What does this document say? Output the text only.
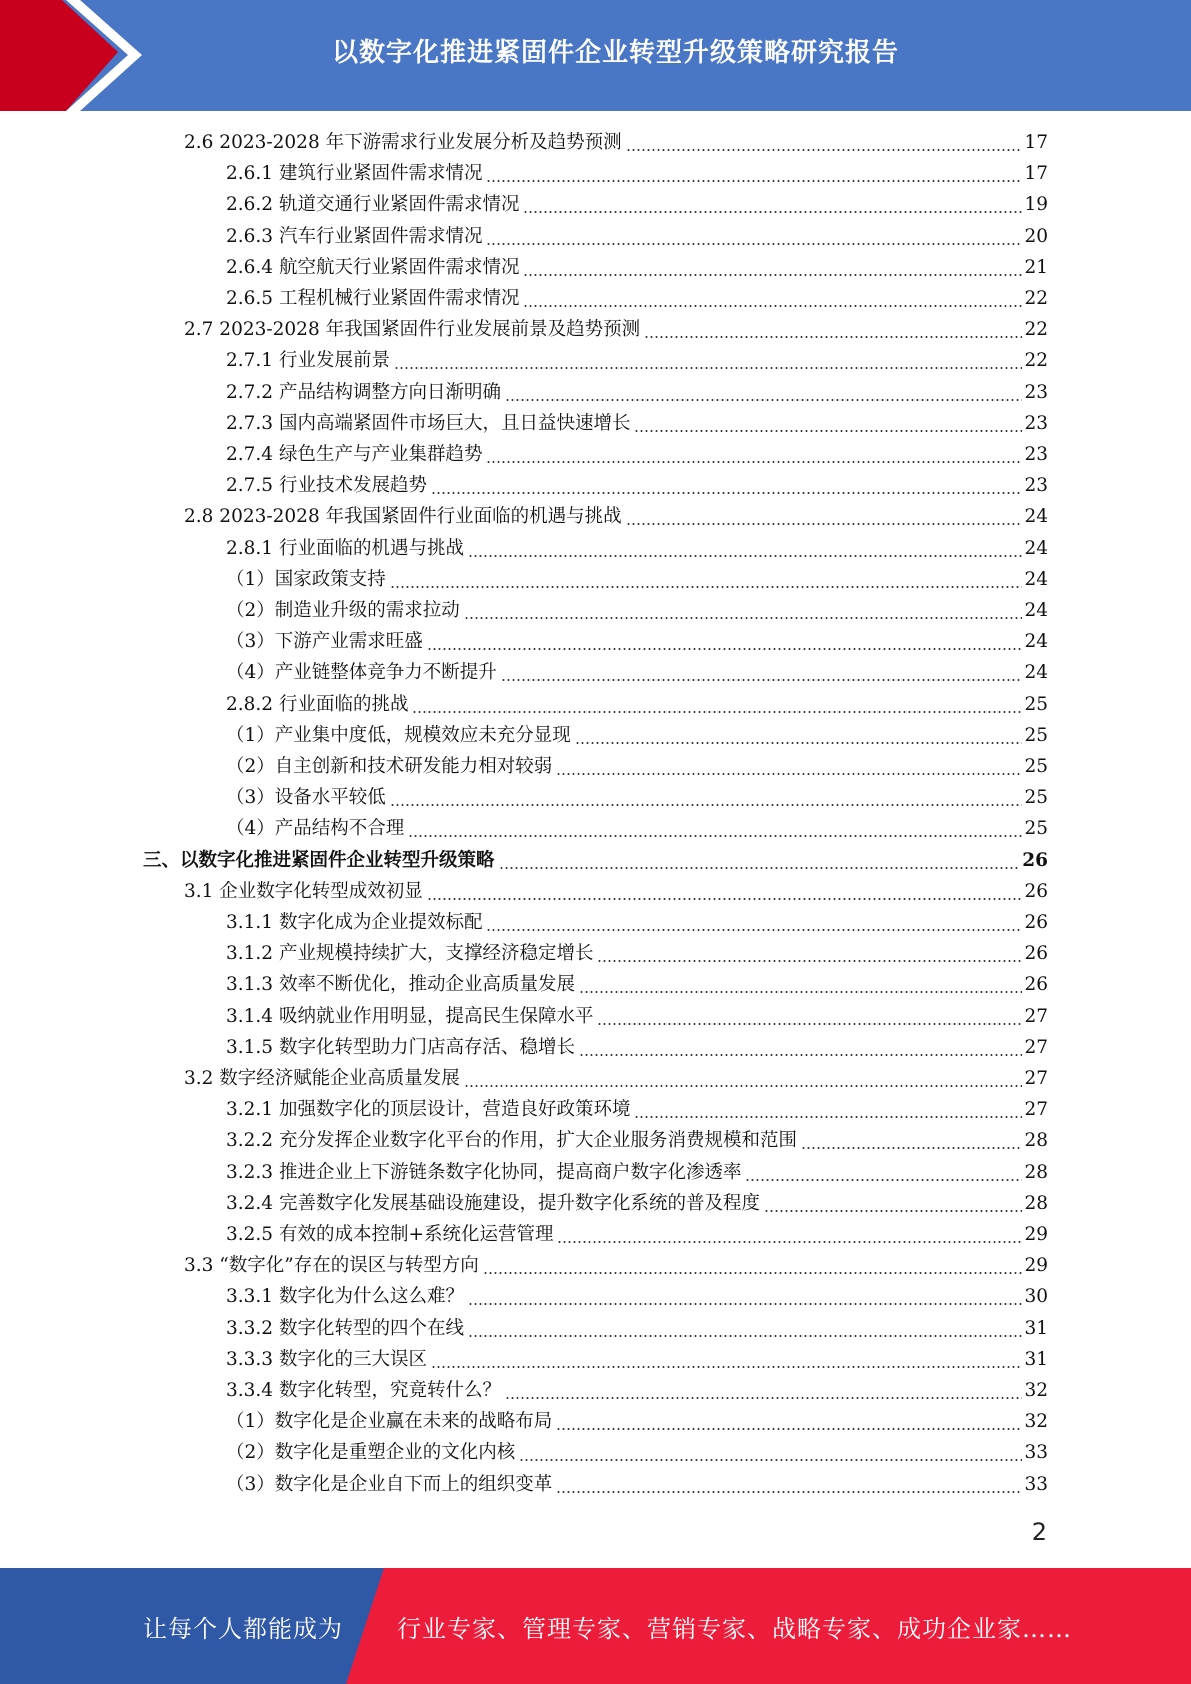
以数字化推进紧固件企业转型升级策略研究报告
2.6 2023-2028 年下游需求行业发展分析及趋势预测	17
2.6.1 建筑行业紧固件需求情况	17
2.6.2 轨道交通行业紧固件需求情况	19
2.6.3 汽车行业紧固件需求情况	20
2.6.4 航空航天行业紧固件需求情况	21
2.6.5 工程机械行业紧固件需求情况	22
2.7 2023-2028 年我国紧固件行业发展前景及趋势预测	22
2.7.1 行业发展前景	22
2.7.2 产品结构调整方向日渐明确	23
2.7.3 国内高端紧固件市场巨大，且日益快速增长	23
2.7.4 绿色生产与产业集群趋势	23
2.7.5 行业技术发展趋势	23
2.8 2023-2028 年我国紧固件行业面临的机遇与挑战	24
2.8.1 行业面临的机遇与挑战	24
（1）国家政策支持	24
（2）制造业升级的需求拉动	24
（3）下游产业需求旺盛	24
（4）产业链整体竞争力不断提升	24
2.8.2 行业面临的挑战	25
（1）产业集中度低，规模效应未充分显现	25
（2）自主创新和技术研发能力相对较弱	25
（3）设备水平较低	25
（4）产品结构不合理	25
三、以数字化推进紧固件企业转型升级策略	26
3.1 企业数字化转型成效初显	26
3.1.1 数字化成为企业提效标配	26
3.1.2 产业规模持续扩大，支撑经济稳定增长	26
3.1.3 效率不断优化，推动企业高质量发展	26
3.1.4 吸纳就业作用明显，提高民生保障水平	27
3.1.5 数字化转型助力门店高存活、稳增长	27
3.2 数字经济赋能企业高质量发展	27
3.2.1 加强数字化的顶层设计，营造良好政策环境	27
3.2.2 充分发挥企业数字化平台的作用，扩大企业服务消费规模和范围	28
3.2.3 推进企业上下游链条数字化协同，提高商户数字化渗透率	28
3.2.4 完善数字化发展基础设施建设，提升数字化系统的普及程度	28
3.2.5 有效的成本控制+系统化运营管理	29
3.3 “数字化”存在的误区与转型方向	29
3.3.1 数字化为什么这么难？	30
3.3.2 数字化转型的四个在线	31
3.3.3 数字化的三大误区	31
3.3.4 数字化转型，究竟转什么？	32
（1）数字化是企业赢在未来的战略布局	32
（2）数字化是重塑企业的文化内核	33
（3）数字化是企业自下而上的组织变革	33
2
让每个人都能成为 行业专家、管理专家、营销专家、战略专家、成功企业家……
